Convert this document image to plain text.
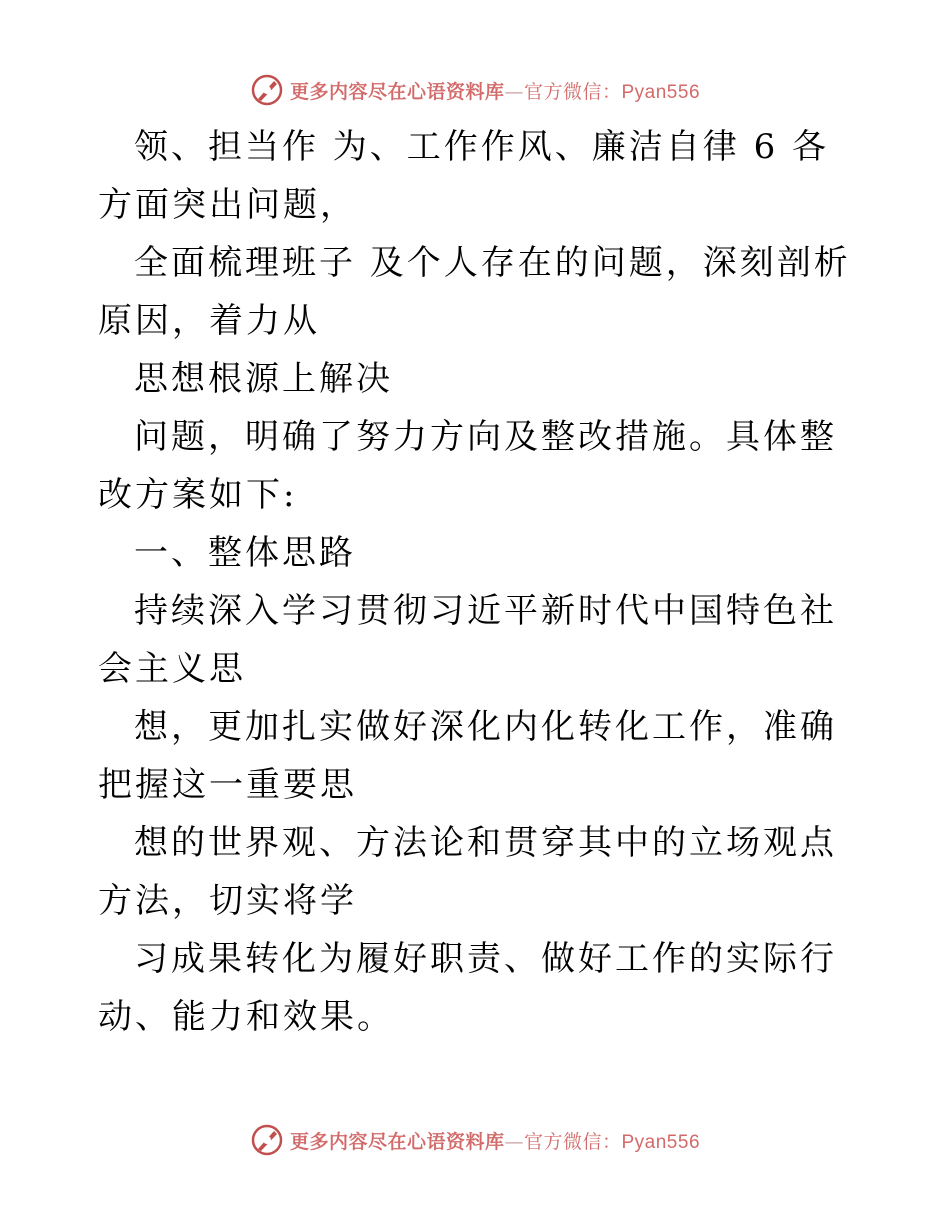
更多内容尽在心语资料库—官方微信：Pyan556

领、担当作 为、工作作风、廉洁自律 6 各方面突出问题，

全面梳理班子 及个人存在的问题，深刻剖析原因，着力从

思想根源上解决

问题，明确了努力方向及整改措施。具体整改方案如下:

一、整体思路

持续深入学习贯彻习近平新时代中国特色社会主义思

想，更加扎实做好深化内化转化工作，准确把握这一重要思

想的世界观、方法论和贯穿其中的立场观点方法，切实将学

习成果转化为履好职责、做好工作的实际行动、能力和效果。

更多内容尽在心语资料库—官方微信：Pyan556
